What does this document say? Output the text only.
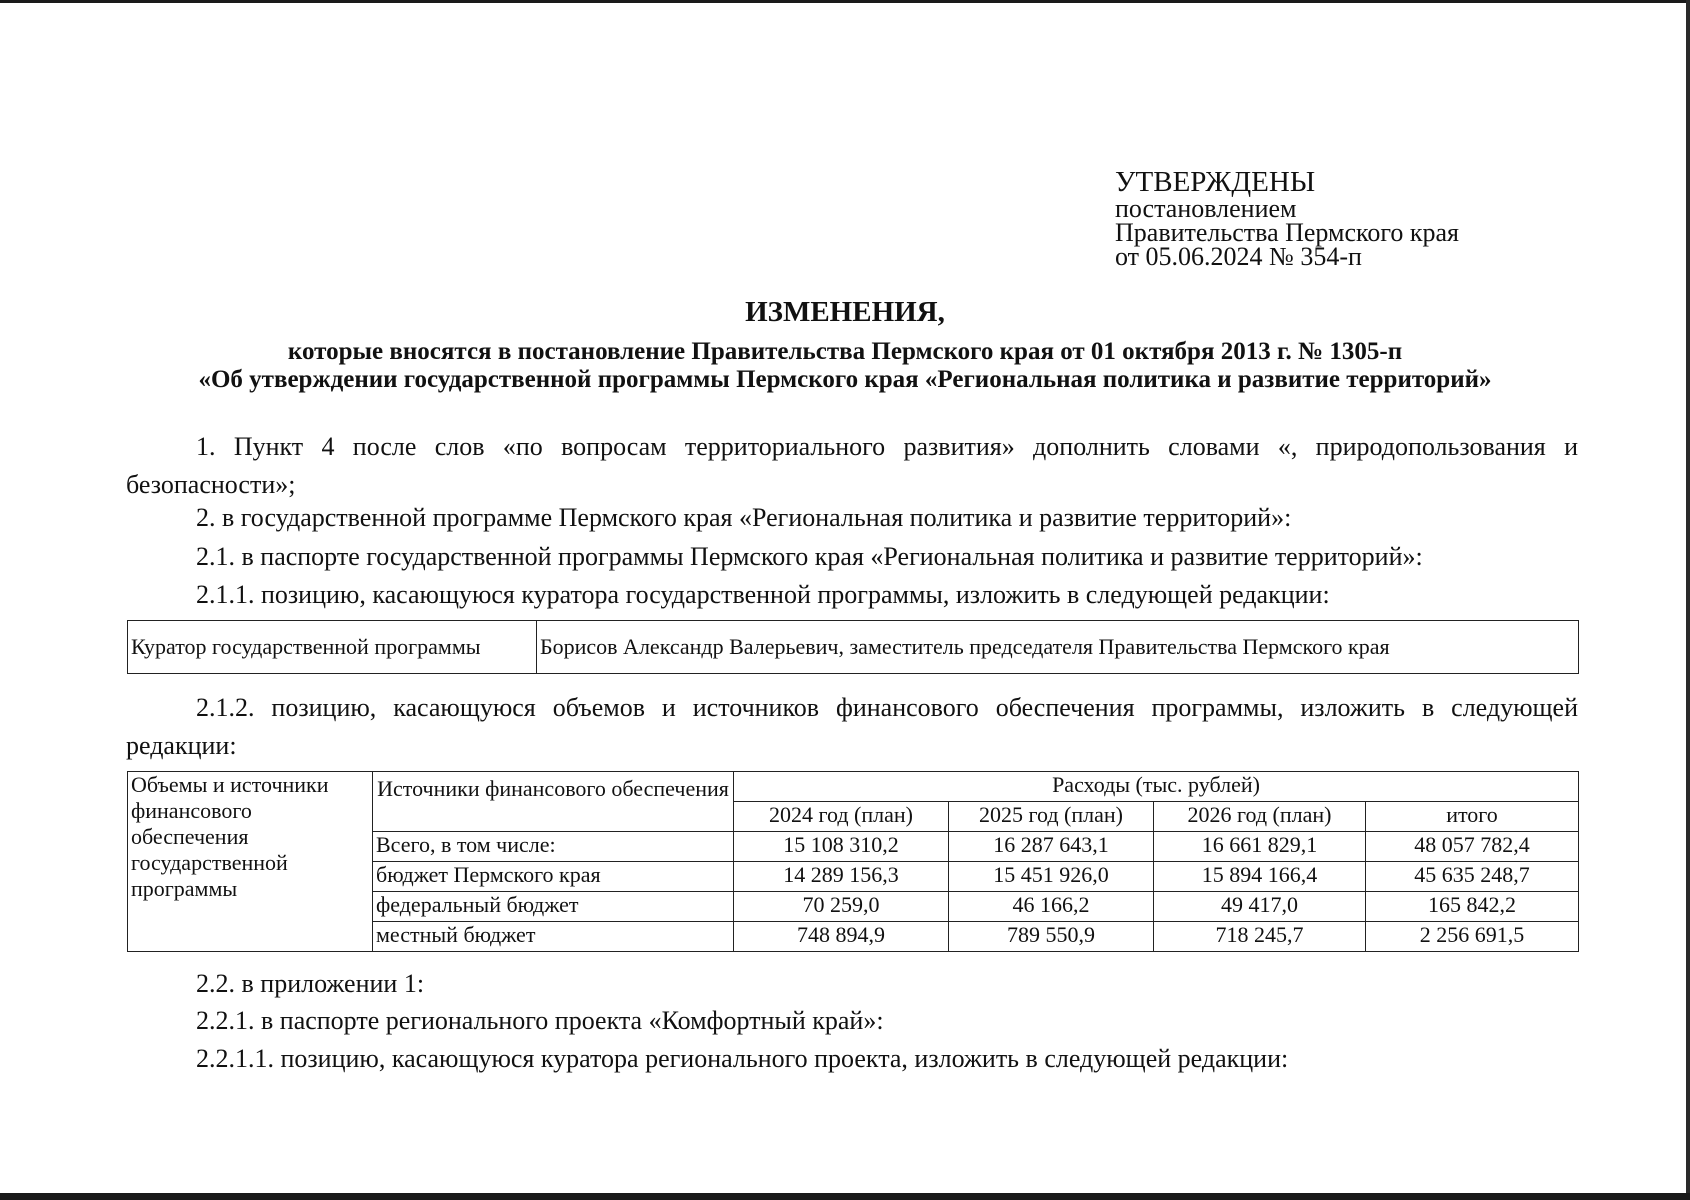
УТВЕРЖДЕНЫ
постановлением
Правительства Пермского края
от 05.06.2024 № 354-п
ИЗМЕНЕНИЯ,
которые вносятся в постановление Правительства Пермского края от 01 октября 2013 г. № 1305-п
«Об утверждении государственной программы Пермского края «Региональная политика и развитие территорий»
1. Пункт 4 после слов «по вопросам территориального развития» дополнить словами «, природопользования и безопасности»;
2. в государственной программе Пермского края «Региональная политика и развитие территорий»:
2.1. в паспорте государственной программы Пермского края «Региональная политика и развитие территорий»:
2.1.1. позицию, касающуюся куратора государственной программы, изложить в следующей редакции:
Куратор государственной программы	Борисов Александр Валерьевич, заместитель председателя Правительства Пермского края
2.1.2. позицию, касающуюся объемов и источников финансового обеспечения программы, изложить в следующей редакции:
Объемы и источники финансового обеспечения государственной программы	Источники финансового обеспечения	Расходы (тыс. рублей)			
		2024 год (план)	2025 год (план)	2026 год (план)	итого
	Всего, в том числе:	15 108 310,2	16 287 643,1	16 661 829,1	48 057 782,4
	бюджет Пермского края	14 289 156,3	15 451 926,0	15 894 166,4	45 635 248,7
	федеральный бюджет	70 259,0	46 166,2	49 417,0	165 842,2
	местный бюджет	748 894,9	789 550,9	718 245,7	2 256 691,5
2.2. в приложении 1:
2.2.1. в паспорте регионального проекта «Комфортный край»:
2.2.1.1. позицию, касающуюся куратора регионального проекта, изложить в следующей редакции:
